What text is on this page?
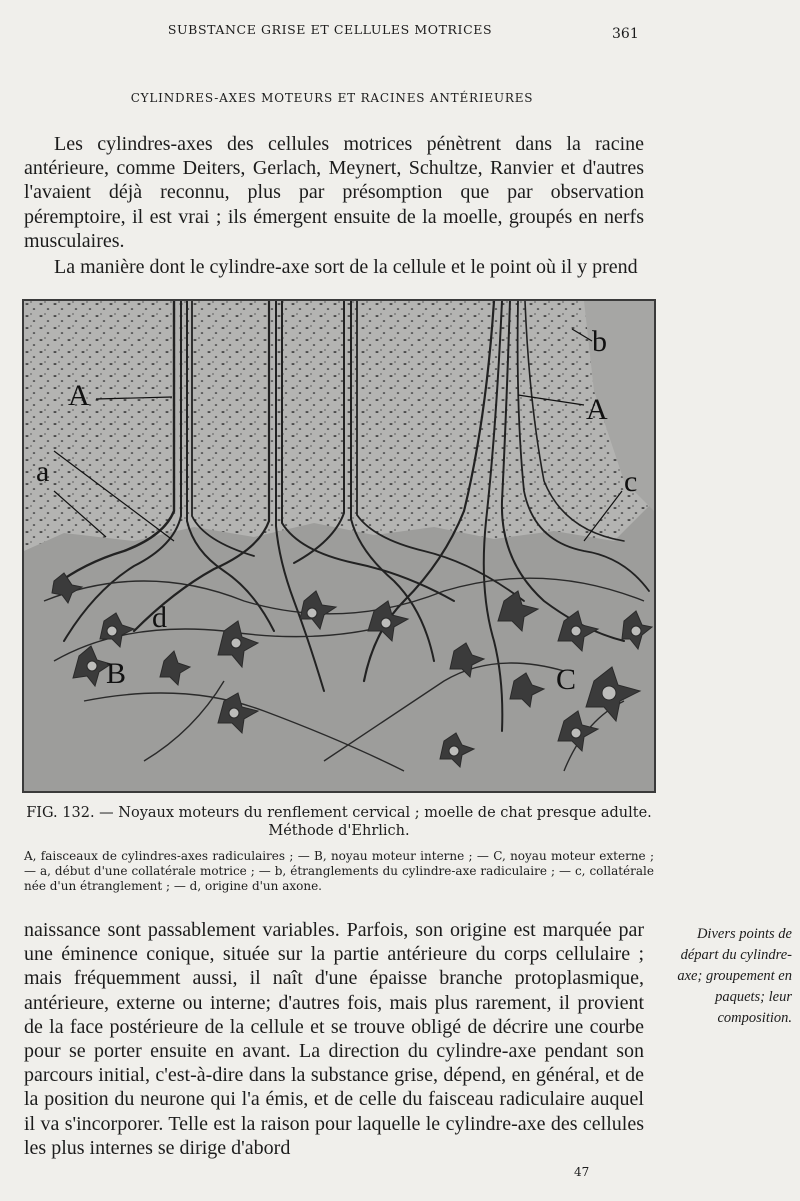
SUBSTANCE GRISE ET CELLULES MOTRICES	361
CYLINDRES-AXES MOTEURS ET RACINES ANTÉRIEURES
Les cylindres-axes des cellules motrices pénètrent dans la racine antérieure, comme Deiters, Gerlach, Meynert, Schultze, Ranvier et d'autres l'avaient déjà reconnu, plus par présomption que par observation péremptoire, il est vrai ; ils émergent ensuite de la moelle, groupés en nerfs musculaires.
La manière dont le cylindre-axe sort de la cellule et le point où il y prend
A	A
b
a	c
d
B	C
FIG. 132. — Noyaux moteurs du renflement cervical ; moelle de chat presque adulte.
Méthode d'Ehrlich.
A, faisceaux de cylindres-axes radiculaires ; — B, noyau moteur interne ; — C, noyau moteur externe ; — a, début d'une collatérale motrice ; — b, étranglements du cylindre-axe radiculaire ; — c, collatérale née d'un étranglement ; — d, origine d'un axone.
naissance sont passablement variables. Parfois, son origine est marquée par une éminence conique, située sur la partie antérieure du corps cellulaire ; mais fréquemment aussi, il naît d'une épaisse branche protoplasmique, antérieure, externe ou interne; d'autres fois, mais plus rarement, il provient de la face postérieure de la cellule et se trouve obligé de décrire une courbe pour se porter ensuite en avant. La direction du cylindre-axe pendant son parcours initial, c'est-à-dire dans la substance grise, dépend, en général, et de la position du neurone qui l'a émis, et de celle du faisceau radiculaire auquel il va s'incorporer. Telle est la raison pour laquelle le cylindre-axe des cellules les plus internes se dirige d'abord
Divers points de départ du cylindre-axe; groupement en paquets; leur composition.
47
